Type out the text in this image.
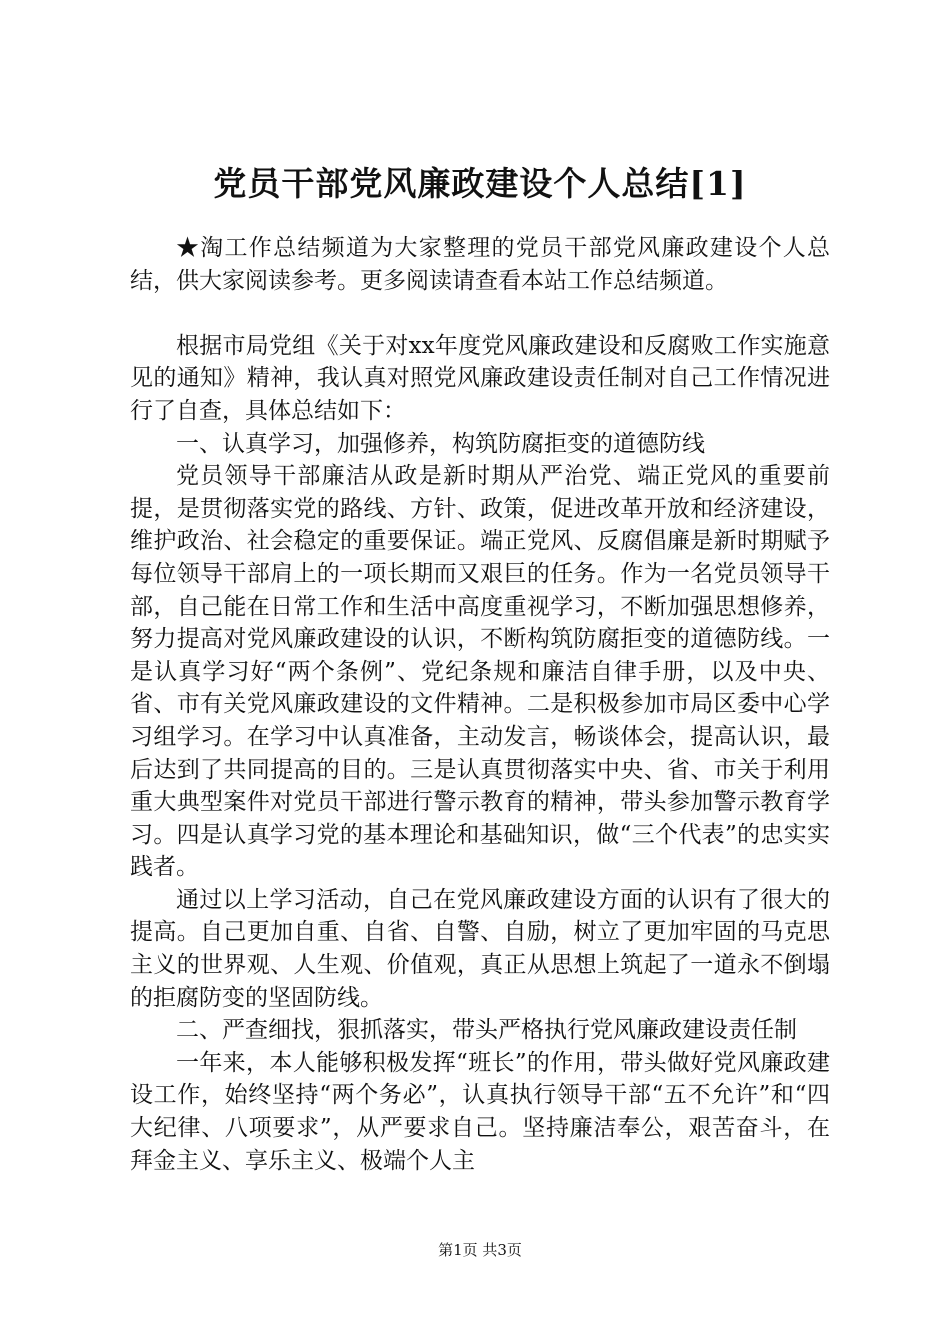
党员干部党风廉政建设个人总结[1]

★淘工作总结频道为大家整理的党员干部党风廉政建设个人总结，供大家阅读参考。更多阅读请查看本站工作总结频道。

根据市局党组《关于对xx年度党风廉政建设和反腐败工作实施意见的通知》精神，我认真对照党风廉政建设责任制对自己工作情况进行了自查，具体总结如下：

一、认真学习，加强修养，构筑防腐拒变的道德防线

党员领导干部廉洁从政是新时期从严治党、端正党风的重要前提，是贯彻落实党的路线、方针、政策，促进改革开放和经济建设，维护政治、社会稳定的重要保证。端正党风、反腐倡廉是新时期赋予每位领导干部肩上的一项长期而又艰巨的任务。作为一名党员领导干部，自己能在日常工作和生活中高度重视学习，不断加强思想修养，努力提高对党风廉政建设的认识，不断构筑防腐拒变的道德防线。一是认真学习好“两个条例”、党纪条规和廉洁自律手册，以及中央、省、市有关党风廉政建设的文件精神。二是积极参加市局区委中心学习组学习。在学习中认真准备，主动发言，畅谈体会，提高认识，最后达到了共同提高的目的。三是认真贯彻落实中央、省、市关于利用重大典型案件对党员干部进行警示教育的精神，带头参加警示教育学习。四是认真学习党的基本理论和基础知识，做“三个代表”的忠实实践者。

通过以上学习活动，自己在党风廉政建设方面的认识有了很大的提高。自己更加自重、自省、自警、自励，树立了更加牢固的马克思主义的世界观、人生观、价值观，真正从思想上筑起了一道永不倒塌的拒腐防变的坚固防线。

二、严查细找，狠抓落实，带头严格执行党风廉政建设责任制

一年来，本人能够积极发挥“班长”的作用，带头做好党风廉政建设工作，始终坚持“两个务必”，认真执行领导干部“五不允许”和“四大纪律、八项要求”，从严要求自己。坚持廉洁奉公，艰苦奋斗，在拜金主义、享乐主义、极端个人主

第1页 共3页
